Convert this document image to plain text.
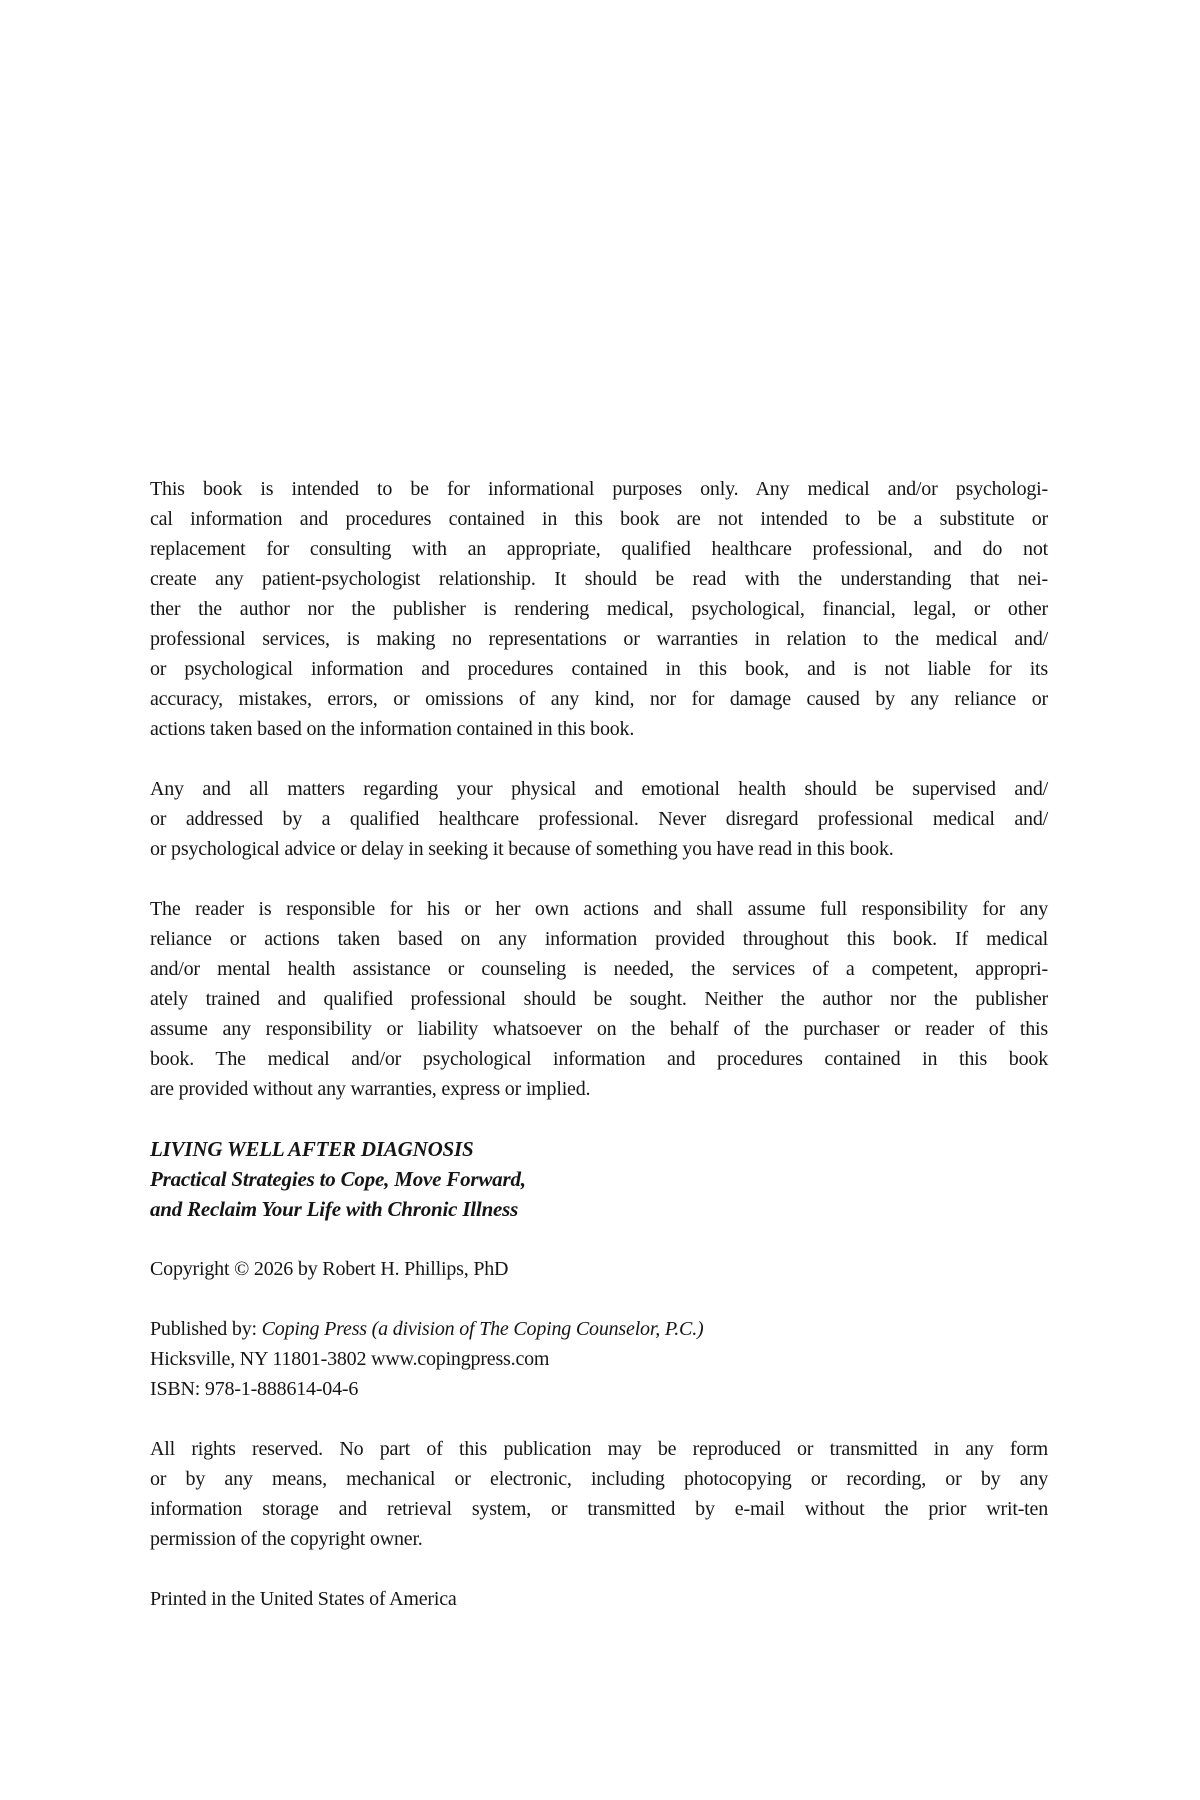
This book is intended to be for informational purposes only. Any medical and/or psychologi-
cal information and procedures contained in this book are not intended to be a substitute or
replacement for consulting with an appropriate, qualified healthcare professional, and do not
create any patient-psychologist relationship. It should be read with the understanding that nei-
ther the author nor the publisher is rendering medical, psychological, financial, legal, or other
professional services, is making no representations or warranties in relation to the medical and/
or psychological information and procedures contained in this book, and is not liable for its
accuracy, mistakes, errors, or omissions of any kind, nor for damage caused by any reliance or
actions taken based on the information contained in this book.
Any and all matters regarding your physical and emotional health should be supervised and/
or addressed by a qualified healthcare professional. Never disregard professional medical and/
or psychological advice or delay in seeking it because of something you have read in this book.
The reader is responsible for his or her own actions and shall assume full responsibility for any
reliance or actions taken based on any information provided throughout this book. If medical
and/or mental health assistance or counseling is needed, the services of a competent, appropri-
ately trained and qualified professional should be sought. Neither the author nor the publisher
assume any responsibility or liability whatsoever on the behalf of the purchaser or reader of this
book. The medical and/or psychological information and procedures contained in this book
are provided without any warranties, express or implied.
LIVING WELL AFTER DIAGNOSIS
Practical Strategies to Cope, Move Forward,
and Reclaim Your Life with Chronic Illness
Copyright © 2026 by Robert H. Phillips, PhD
Published by: Coping Press (a division of The Coping Counselor, P.C.)
Hicksville, NY 11801-3802 www.copingpress.com
ISBN: 978-1-888614-04-6
All rights reserved. No part of this publication may be reproduced or transmitted in any form
or by any means, mechanical or electronic, including photocopying or recording, or by any
information storage and retrieval system, or transmitted by e-mail without the prior writ-ten
permission of the copyright owner.
Printed in the United States of America
